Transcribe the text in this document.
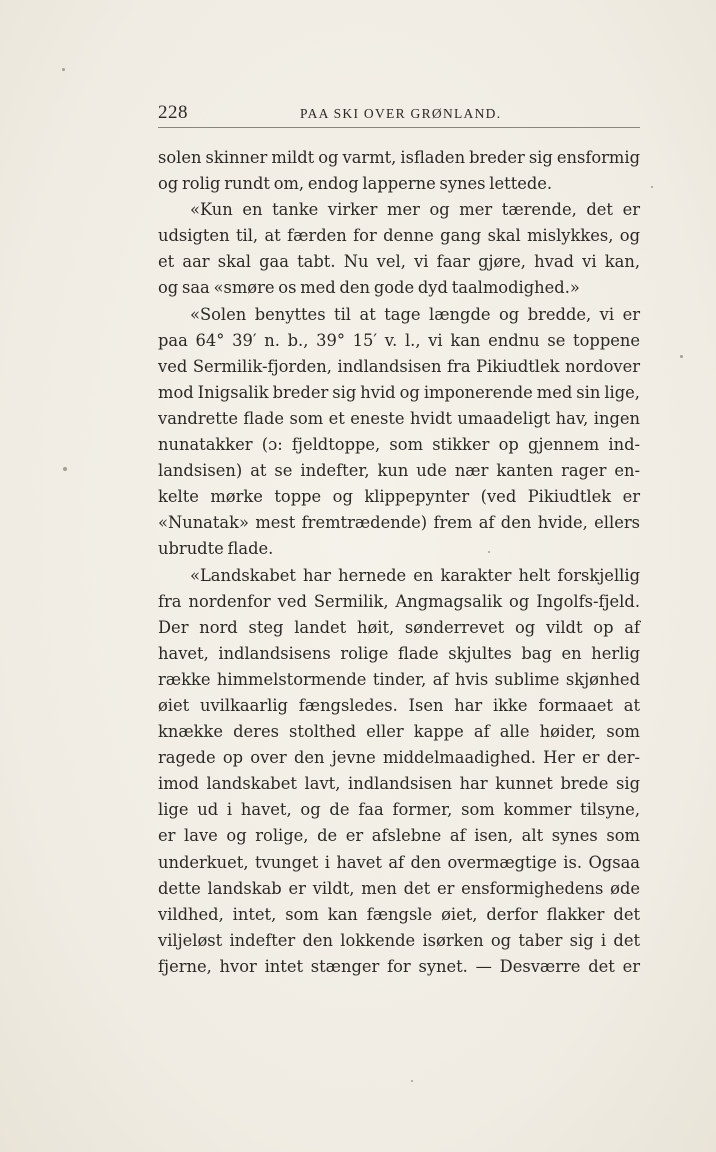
228	PAA SKI OVER GRØNLAND.
solen skinner mildt og varmt, isfladen breder sig ensformig
og rolig rundt om, endog lapperne synes lettede.
«Kun en tanke virker mer og mer tærende, det er
udsigten til, at færden for denne gang skal mislykkes, og
et aar skal gaa tabt. Nu vel, vi faar gjøre, hvad vi kan,
og saa «smøre os med den gode dyd taalmodighed.»
«Solen benyttes til at tage længde og bredde, vi er
paa 64° 39′ n. b., 39° 15′ v. l., vi kan endnu se toppene
ved Sermilik-fjorden, indlandsisen fra Pikiudtlek nordover
mod Inigsalik breder sig hvid og imponerende med sin lige,
vandrette flade som et eneste hvidt umaadeligt hav, ingen
nunatakker (ɔ: fjeldtoppe, som stikker op gjennem ind-
landsisen) at se indefter, kun ude nær kanten rager en-
kelte mørke toppe og klippepynter (ved Pikiudtlek er
«Nunatak» mest fremtrædende) frem af den hvide, ellers
ubrudte flade.
«Landskabet har hernede en karakter helt forskjellig
fra nordenfor ved Sermilik, Angmagsalik og Ingolfs-fjeld.
Der nord steg landet høit, sønderrevet og vildt op af
havet, indlandsisens rolige flade skjultes bag en herlig
række himmelstormende tinder, af hvis sublime skjønhed
øiet uvilkaarlig fængsledes. Isen har ikke formaaet at
knække deres stolthed eller kappe af alle høider, som
ragede op over den jevne middelmaadighed. Her er der-
imod landskabet lavt, indlandsisen har kunnet brede sig
lige ud i havet, og de faa former, som kommer tilsyne,
er lave og rolige, de er afslebne af isen, alt synes som
underkuet, tvunget i havet af den overmægtige is. Ogsaa
dette landskab er vildt, men det er ensformighedens øde
vildhed, intet, som kan fængsle øiet, derfor flakker det
viljeløst indefter den lokkende isørken og taber sig i det
fjerne, hvor intet stænger for synet. — Desværre det er
